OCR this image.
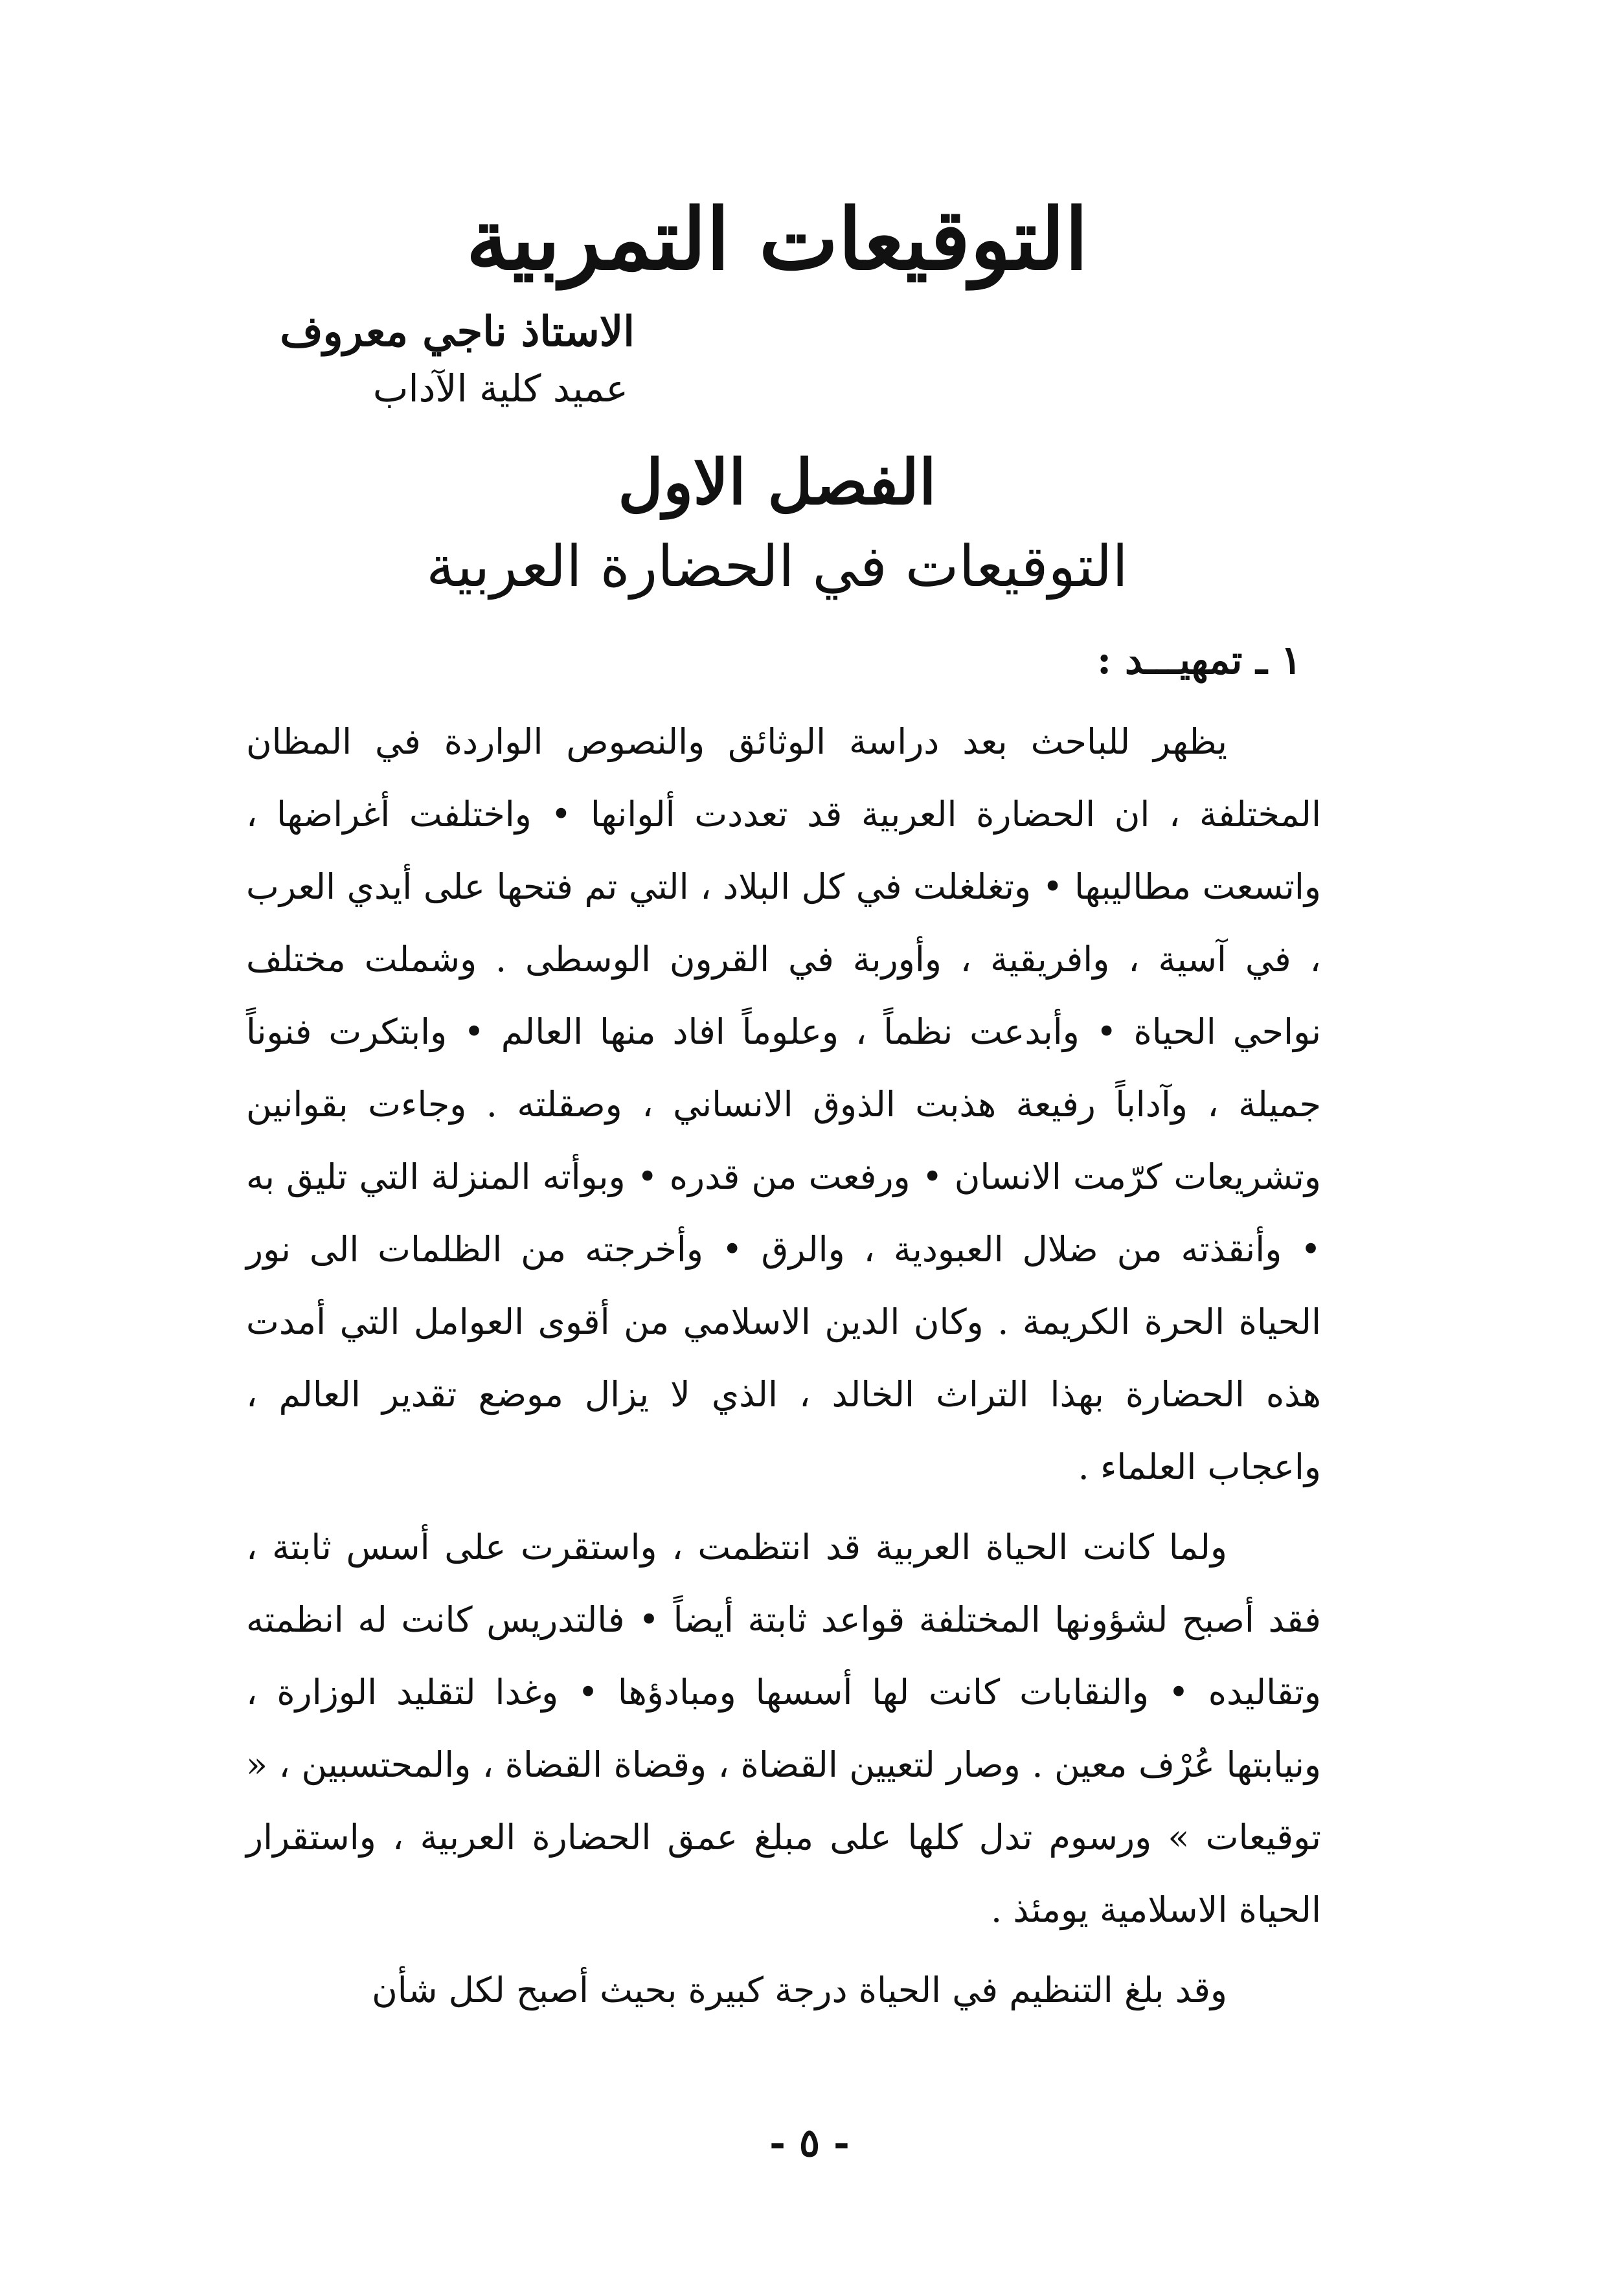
التوقيعات التمربية
الاستاذ ناجي معروف
عميد كلية الآداب
الفصل الاول
التوقيعات في الحضارة العربية
١ ـ تمهيـــد :

يظهر للباحث بعد دراسة الوثائق والنصوص الواردة في المظان المختلفة ، ان الحضارة العربية قد تعددت ألوانها • واختلفت أغراضها ، واتسعت مطاليبها • وتغلغلت في كل البلاد ، التي تم فتحها على أيدي العرب ، في آسية ، وافريقية ، وأوربة في القرون الوسطى . وشملت مختلف نواحي الحياة • وأبدعت نظماً ، وعلوماً افاد منها العالم • وابتكرت فنوناً جميلة ، وآداباً رفيعة هذبت الذوق الانساني ، وصقلته . وجاءت بقوانين وتشريعات كرّمت الانسان • ورفعت من قدره • وبوأته المنزلة التي تليق به • وأنقذته من ضلال العبودية ، والرق • وأخرجته من الظلمات الى نور الحياة الحرة الكريمة . وكان الدين الاسلامي من أقوى العوامل التي أمدت هذه الحضارة بهذا التراث الخالد ، الذي لا يزال موضع تقدير العالم ، واعجاب العلماء .

ولما كانت الحياة العربية قد انتظمت ، واستقرت على أسس ثابتة ، فقد أصبح لشؤونها المختلفة قواعد ثابتة أيضاً • فالتدريس كانت له انظمته وتقاليده • والنقابات كانت لها أسسها ومبادؤها • وغدا لتقليد الوزارة ، ونيابتها عُرْف معين . وصار لتعيين القضاة ، وقضاة القضاة ، والمحتسبين ، « توقيعات » ورسوم تدل كلها على مبلغ عمق الحضارة العربية ، واستقرار الحياة الاسلامية يومئذ .

وقد بلغ التنظيم في الحياة درجة كبيرة بحيث أصبح لكل شأن

- ٥ -
